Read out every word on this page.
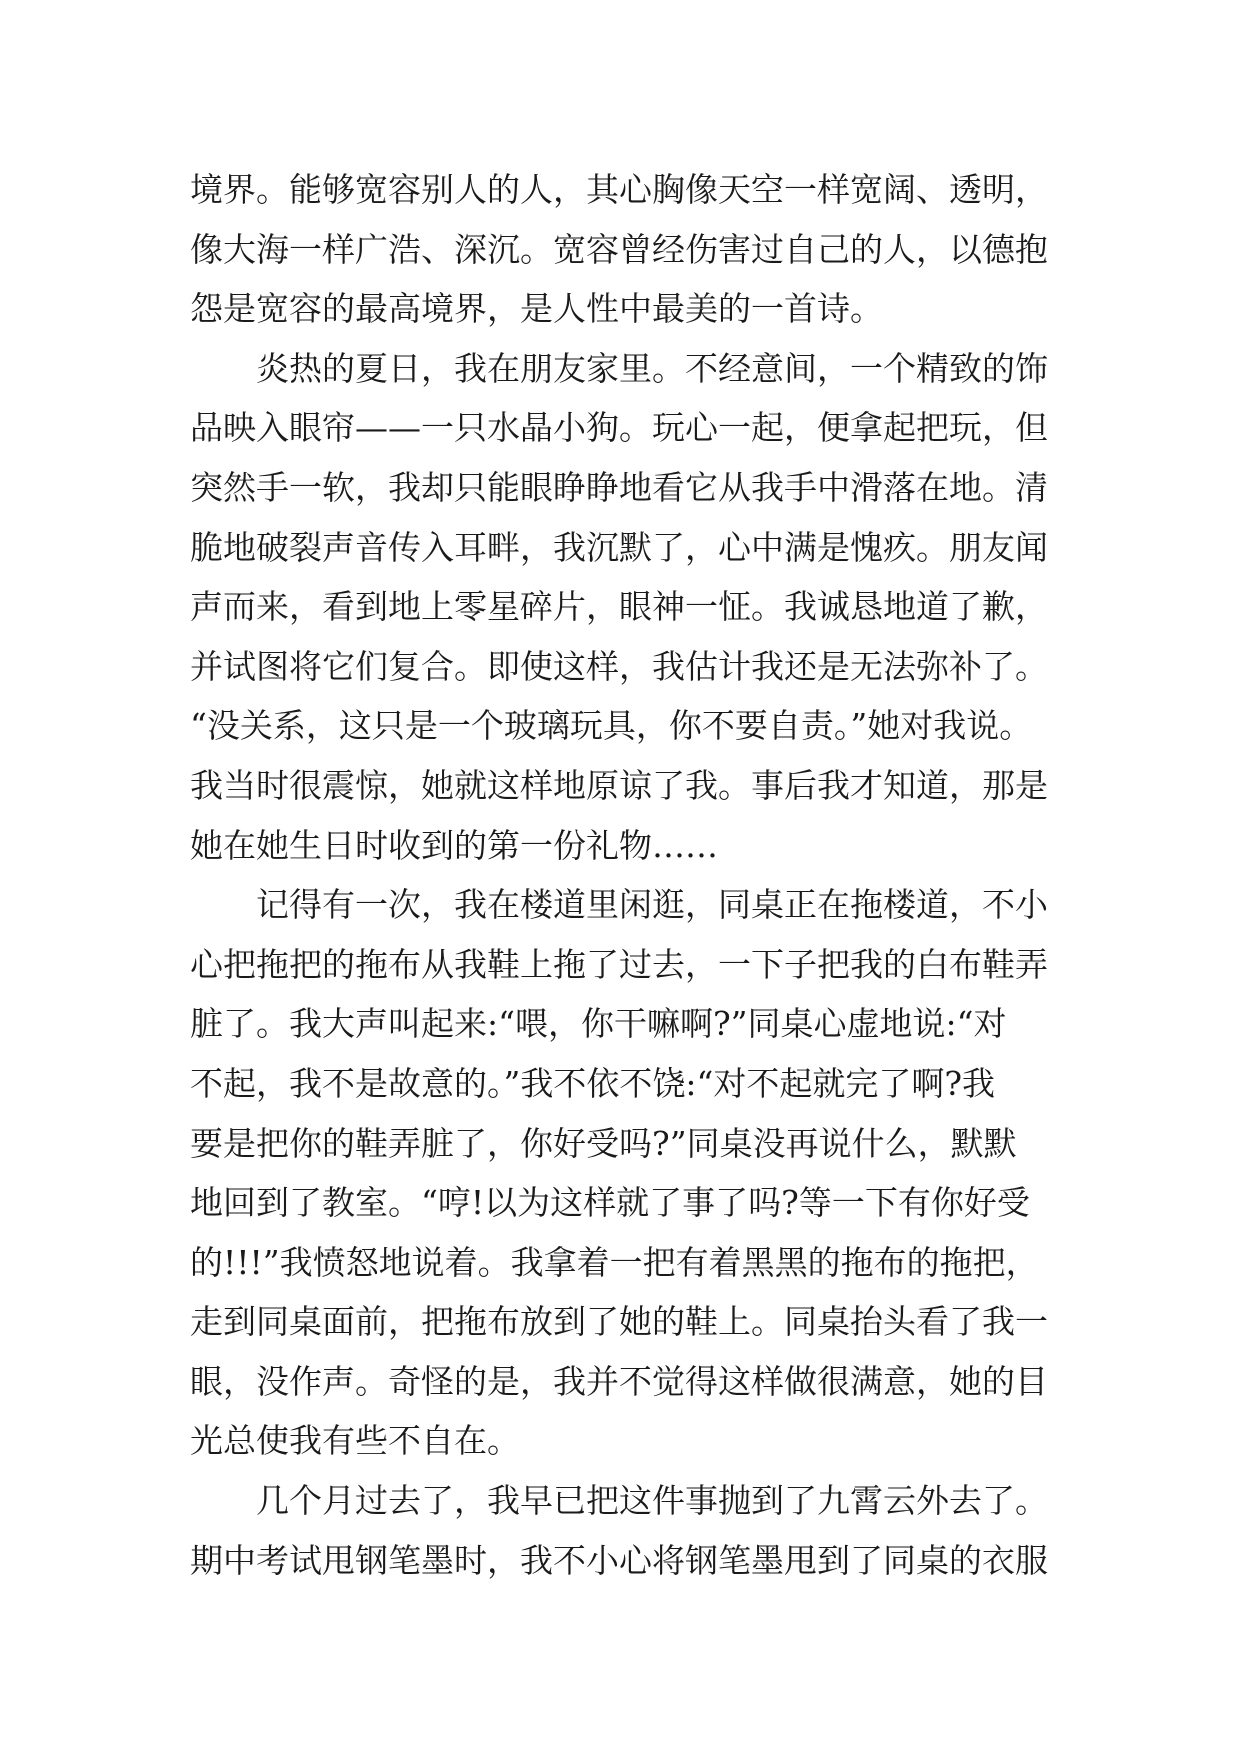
境界。能够宽容别人的人，其心胸像天空一样宽阔、透明，
像大海一样广浩、深沉。宽容曾经伤害过自己的人，以德抱
怨是宽容的最高境界，是人性中最美的一首诗。
炎热的夏日，我在朋友家里。不经意间，一个精致的饰
品映入眼帘——一只水晶小狗。玩心一起，便拿起把玩，但
突然手一软，我却只能眼睁睁地看它从我手中滑落在地。清
脆地破裂声音传入耳畔，我沉默了，心中满是愧疚。朋友闻
声而来，看到地上零星碎片，眼神一怔。我诚恳地道了歉，
并试图将它们复合。即使这样，我估计我还是无法弥补了。
“没关系，这只是一个玻璃玩具，你不要自责。”她对我说。
我当时很震惊，她就这样地原谅了我。事后我才知道，那是
她在她生日时收到的第一份礼物……
记得有一次，我在楼道里闲逛，同桌正在拖楼道，不小
心把拖把的拖布从我鞋上拖了过去，一下子把我的白布鞋弄
脏了。我大声叫起来:“喂，你干嘛啊?”同桌心虚地说:“对
不起，我不是故意的。”我不依不饶:“对不起就完了啊?我
要是把你的鞋弄脏了，你好受吗?”同桌没再说什么，默默
地回到了教室。“哼!以为这样就了事了吗?等一下有你好受
的!!!”我愤怒地说着。我拿着一把有着黑黑的拖布的拖把，
走到同桌面前，把拖布放到了她的鞋上。同桌抬头看了我一
眼，没作声。奇怪的是，我并不觉得这样做很满意，她的目
光总使我有些不自在。
几个月过去了，我早已把这件事抛到了九霄云外去了。
期中考试甩钢笔墨时，我不小心将钢笔墨甩到了同桌的衣服
